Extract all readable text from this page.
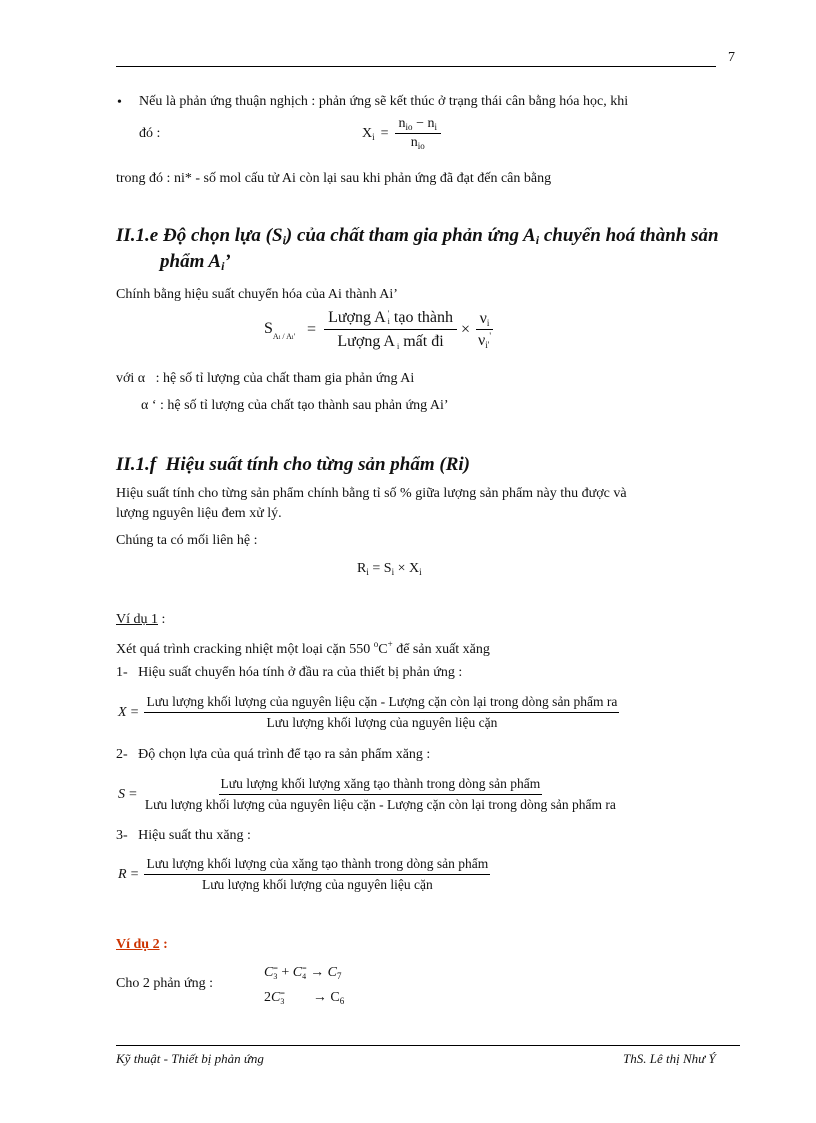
7
• Nếu là phản ứng thuận nghịch : phản ứng sẽ kết thúc ở trạng thái cân bằng hóa học, khi
đó :	$X_i = \frac{n_{io} - n_i}{n_{io}}$
trong đó : ni* - số mol cấu tử Ai còn lại sau khi phản ứng đã đạt đến cân bằng
II.1.e Độ chọn lựa (Si) của chất tham gia phản ứng Ai chuyển hoá thành sản
phẩm Ai’
Chính bằng hiệu suất chuyển hóa của Ai thành Ai’
$S_{Ai / Ai'}$ = Lượng A '
i tạo thành
Lượng A i mất đi × $\frac{\nu_i}{\nu_{i'}'}$
với α   : hệ số tỉ lượng của chất tham gia phản ứng Ai
α ‘ : hệ số tỉ lượng của chất tạo thành sau phản ứng Ai’
II.1.f  Hiệu suất tính cho từng sản phẩm (Ri)
Hiệu suất tính cho từng sản phẩm chính bằng tỉ số % giữa lượng sản phẩm này thu được và
lượng nguyên liệu đem xử lý.
Chúng ta có mối liên hệ :
$R_i = S_i \times X_i$
Ví dụ 1 :
Xét quá trình cracking nhiệt một loại cặn 550 $^o$C+ để sản xuất xăng
1-   Hiệu suất chuyển hóa tính ở đầu ra của thiết bị phản ứng :
X =
Lưu lượng khối lượng của nguyên liệu cặn - Lượng cặn còn lại trong dòng sản phẩm ra
Lưu lượng khối lượng của nguyên liệu cặn
2-   Độ chọn lựa của quá trình để tạo ra sản phẩm xăng :
S =
Lưu lượng khối lượng xăng tạo thành trong dòng sản phẩm
Lưu lượng khối lượng của nguyên liệu cặn - Lượng cặn còn lại trong dòng sản phẩm ra
3-   Hiệu suất thu xăng :
$R = \frac{\text{Lưu lượng khối lượng của xăng tạo thành trong dòng sản phẩm}}{\text{Lưu lượng khối lượng của nguyên liệu cặn}}$
Ví dụ 2 :
Cho 2 phản ứng :
C =
3 + C =
$4 \to C_7$
2C =
$3 \to C_6$
Kỹ thuật - Thiết bị phản ứng	ThS. Lê thị Như Ý
